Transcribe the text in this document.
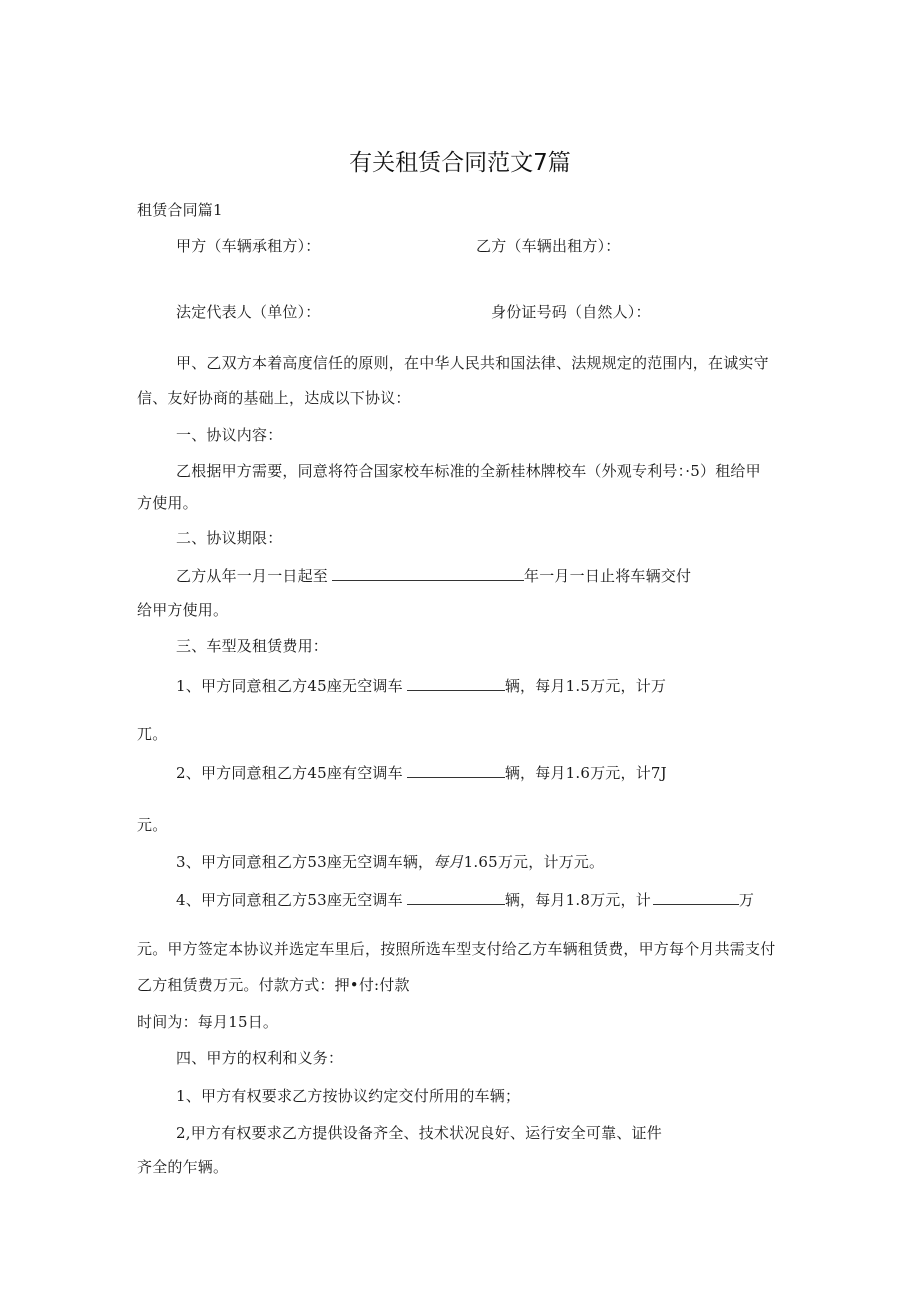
有关租赁合同范文7篇
租赁合同篇1
甲方（车辆承租方）：	乙方（车辆出租方）：
法定代表人（单位）：	身份证号码（自然人）：
甲、乙双方本着高度信任的原则，在中华人民共和国法律、法规规定的范围内，在诚实守
信、友好协商的基础上，达成以下协议：
一、协议内容：
乙根据甲方需要，同意将符合国家校车标准的全新桂林牌校车（外观专利号：·5）租给甲
方使用。
二、协议期限：
乙方从年一月一日起至	年一月一日止将车辆交付
给甲方使用。
三、车型及租赁费用：
1、甲方同意租乙方45座无空调车	辆，每月1.5万元，计万
兀。
2、甲方同意租乙方45座有空调车	辆，每月1.6万元，计7J
元。
3、甲方同意租乙方53座无空调车辆，每月1.65万元，计万元。
4、甲方同意租乙方53座无空调车	辆，每月1.8万元，计	万
元。甲方签定本协议并选定车里后，按照所选车型支付给乙方车辆租赁费，甲方每个月共需支付
乙方租赁费万元。付款方式：押•付:付款
时间为：每月15日。
四、甲方的权利和义务：
1、甲方有权要求乙方按协议约定交付所用的车辆；
2,甲方有权要求乙方提供设备齐全、技术状况良好、运行安全可靠、证件
齐全的乍辆。
